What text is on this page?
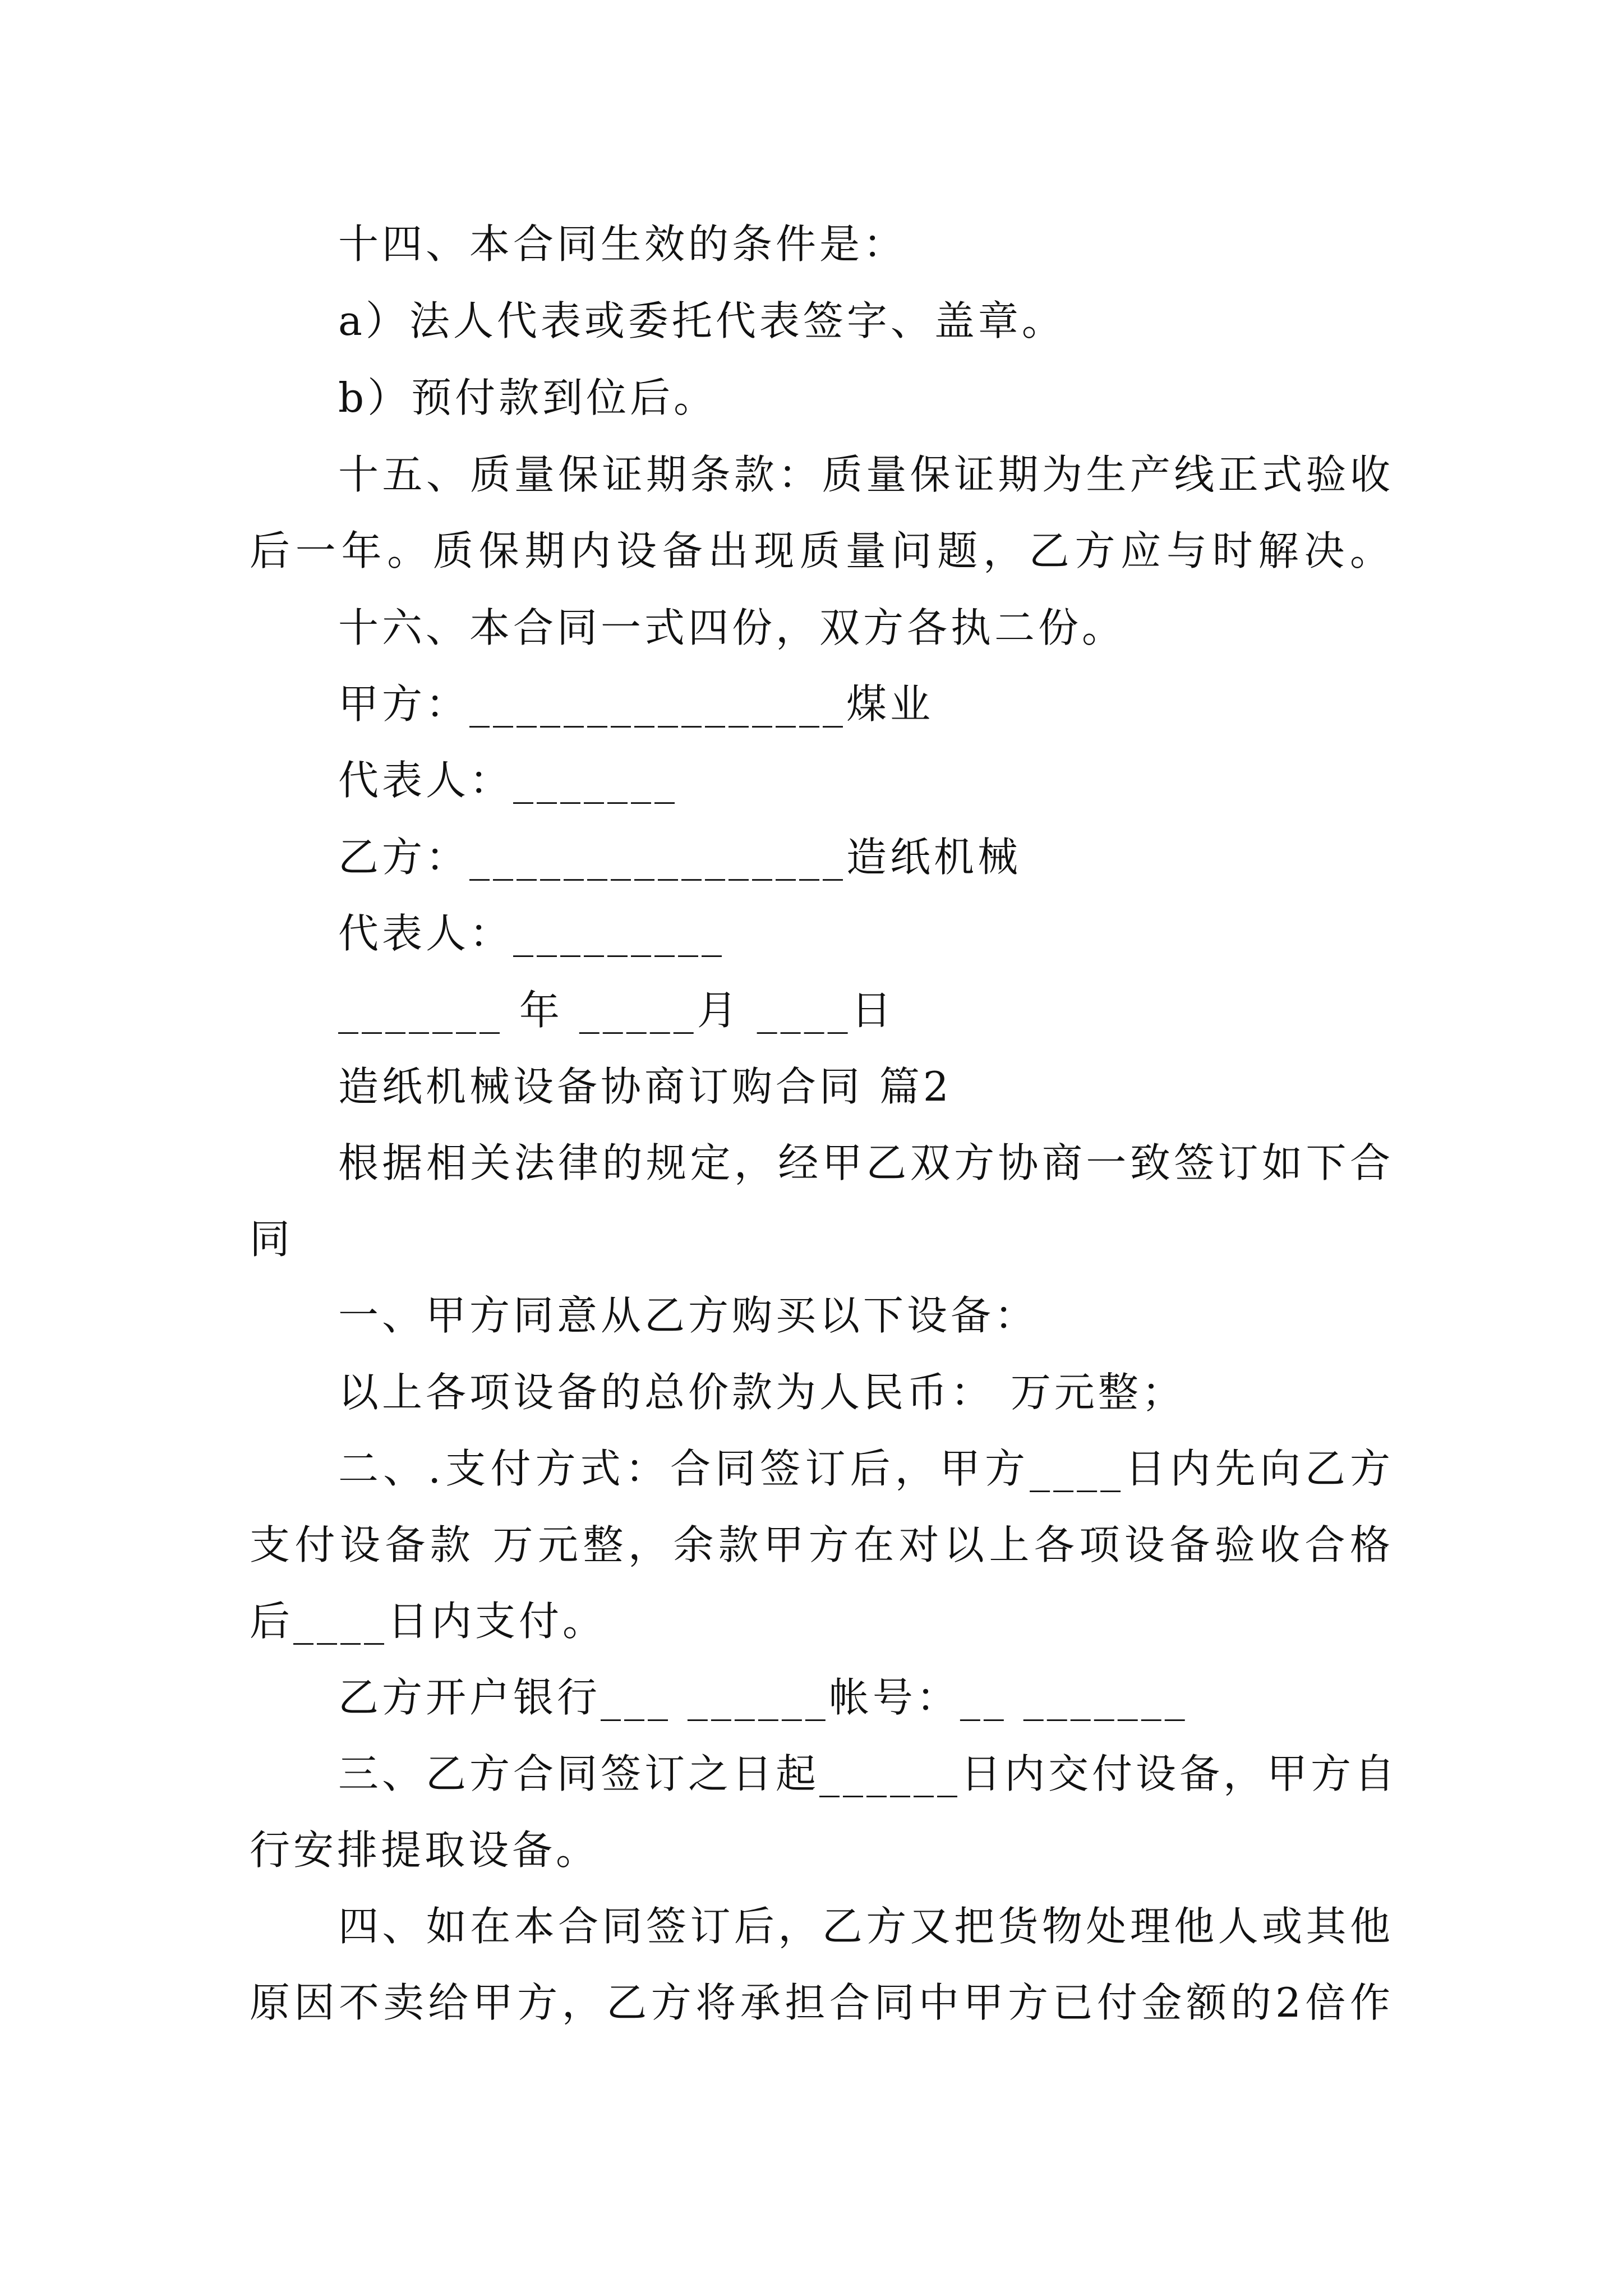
十四、本合同生效的条件是：
a）法人代表或委托代表签字、盖章。
b）预付款到位后。
十五、质量保证期条款：质量保证期为生产线正式验收
后一年。质保期内设备出现质量问题，乙方应与时解决。
十六、本合同一式四份，双方各执二份。
甲方：________________煤业
代表人：_______
乙方：________________造纸机械
代表人：_________
_______ 年 _____月 ____日
造纸机械设备协商订购合同 篇2
根据相关法律的规定，经甲乙双方协商一致签订如下合
同
一、甲方同意从乙方购买以下设备：
以上各项设备的总价款为人民币： 万元整；
二、.支付方式：合同签订后，甲方____日内先向乙方
支付设备款 万元整，余款甲方在对以上各项设备验收合格
后____日内支付。
乙方开户银行___ ______帐号：__ _______
三、乙方合同签订之日起______日内交付设备，甲方自
行安排提取设备。
四、如在本合同签订后，乙方又把货物处理他人或其他
原因不卖给甲方，乙方将承担合同中甲方已付金额的2倍作
